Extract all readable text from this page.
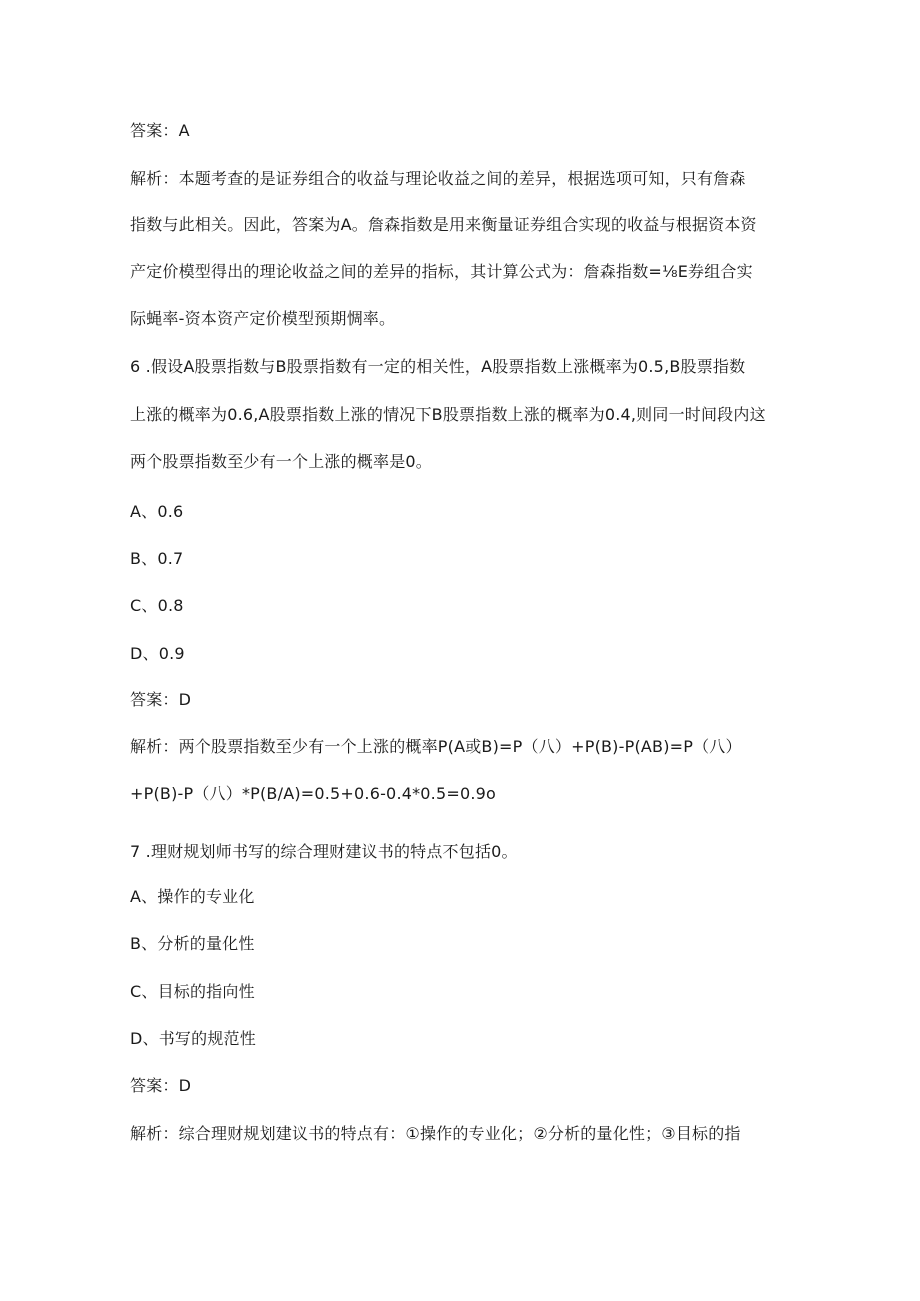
答案：A
解析：本题考查的是证券组合的收益与理论收益之间的差异，根据选项可知，只有詹森
指数与此相关。因此，答案为A。詹森指数是用来衡量证券组合实现的收益与根据资本资
产定价模型得出的理论收益之间的差异的指标，其计算公式为：詹森指数=⅛E券组合实
际蝇率-资本资产定价模型预期惆率。
6 .假设A股票指数与B股票指数有一定的相关性，A股票指数上涨概率为0.5,B股票指数
上涨的概率为0.6,A股票指数上涨的情况下B股票指数上涨的概率为0.4,则同一时间段内这
两个股票指数至少有一个上涨的概率是0。
A、0.6
B、0.7
C、0.8
D、0.9
答案：D
解析：两个股票指数至少有一个上涨的概率P(A或B)=P（八）+P(B)-P(AB)=P（八）
+P(B)-P（八）*P(B/A)=0.5+0.6-0.4*0.5=0.9o
7 .理财规划师书写的综合理财建议书的特点不包括0。
A、操作的专业化
B、分析的量化性
C、目标的指向性
D、书写的规范性
答案：D
解析：综合理财规划建议书的特点有：①操作的专业化；②分析的量化性；③目标的指
